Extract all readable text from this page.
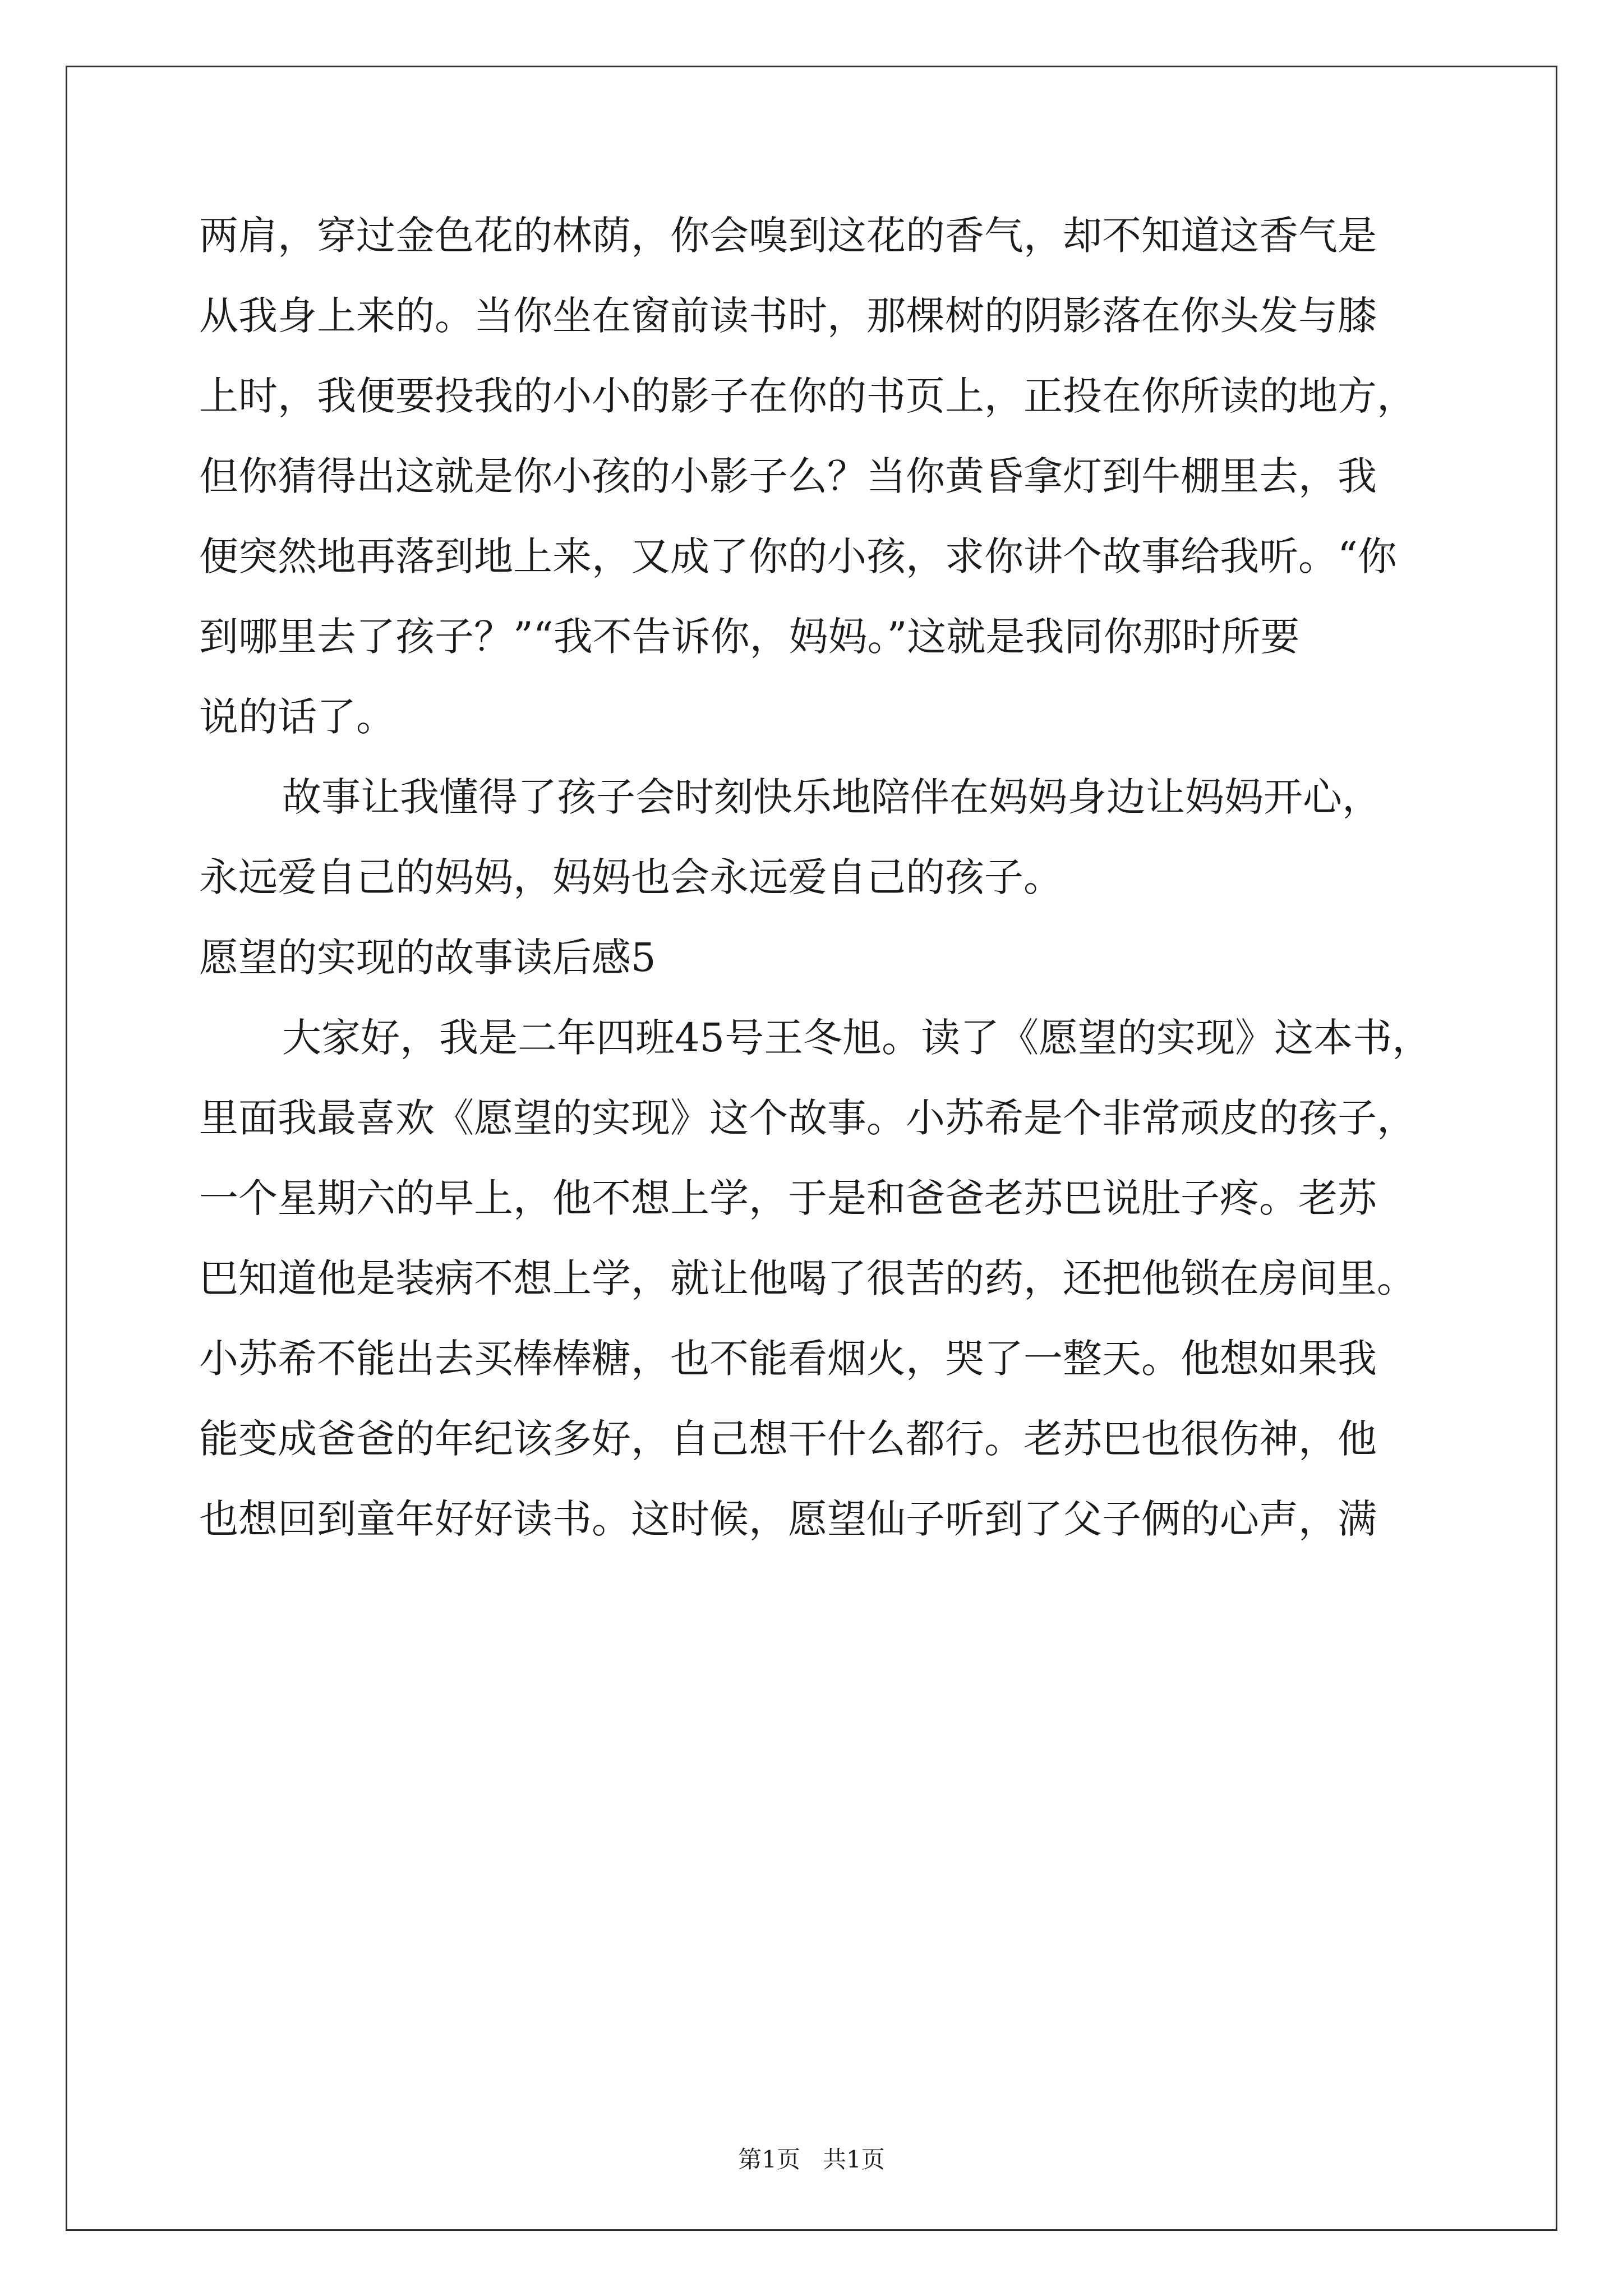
两肩，穿过金色花的林荫，你会嗅到这花的香气，却不知道这香气是
从我身上来的。当你坐在窗前读书时，那棵树的阴影落在你头发与膝
上时，我便要投我的小小的影子在你的书页上，正投在你所读的地方，
但你猜得出这就是你小孩的小影子么？当你黄昏拿灯到牛棚里去，我
便突然地再落到地上来，又成了你的小孩，求你讲个故事给我听。“你
到哪里去了孩子？”“我不告诉你，妈妈。”这就是我同你那时所要
说的话了。
故事让我懂得了孩子会时刻快乐地陪伴在妈妈身边让妈妈开心，
永远爱自己的妈妈，妈妈也会永远爱自己的孩子。
愿望的实现的故事读后感5
大家好，我是二年四班45号王冬旭。读了《愿望的实现》这本书，
里面我最喜欢《愿望的实现》这个故事。小苏希是个非常顽皮的孩子，
一个星期六的早上，他不想上学，于是和爸爸老苏巴说肚子疼。老苏
巴知道他是装病不想上学，就让他喝了很苦的药，还把他锁在房间里。
小苏希不能出去买棒棒糖，也不能看烟火，哭了一整天。他想如果我
能变成爸爸的年纪该多好，自己想干什么都行。老苏巴也很伤神，他
也想回到童年好好读书。这时候，愿望仙子听到了父子俩的心声，满
第1页   共1页
